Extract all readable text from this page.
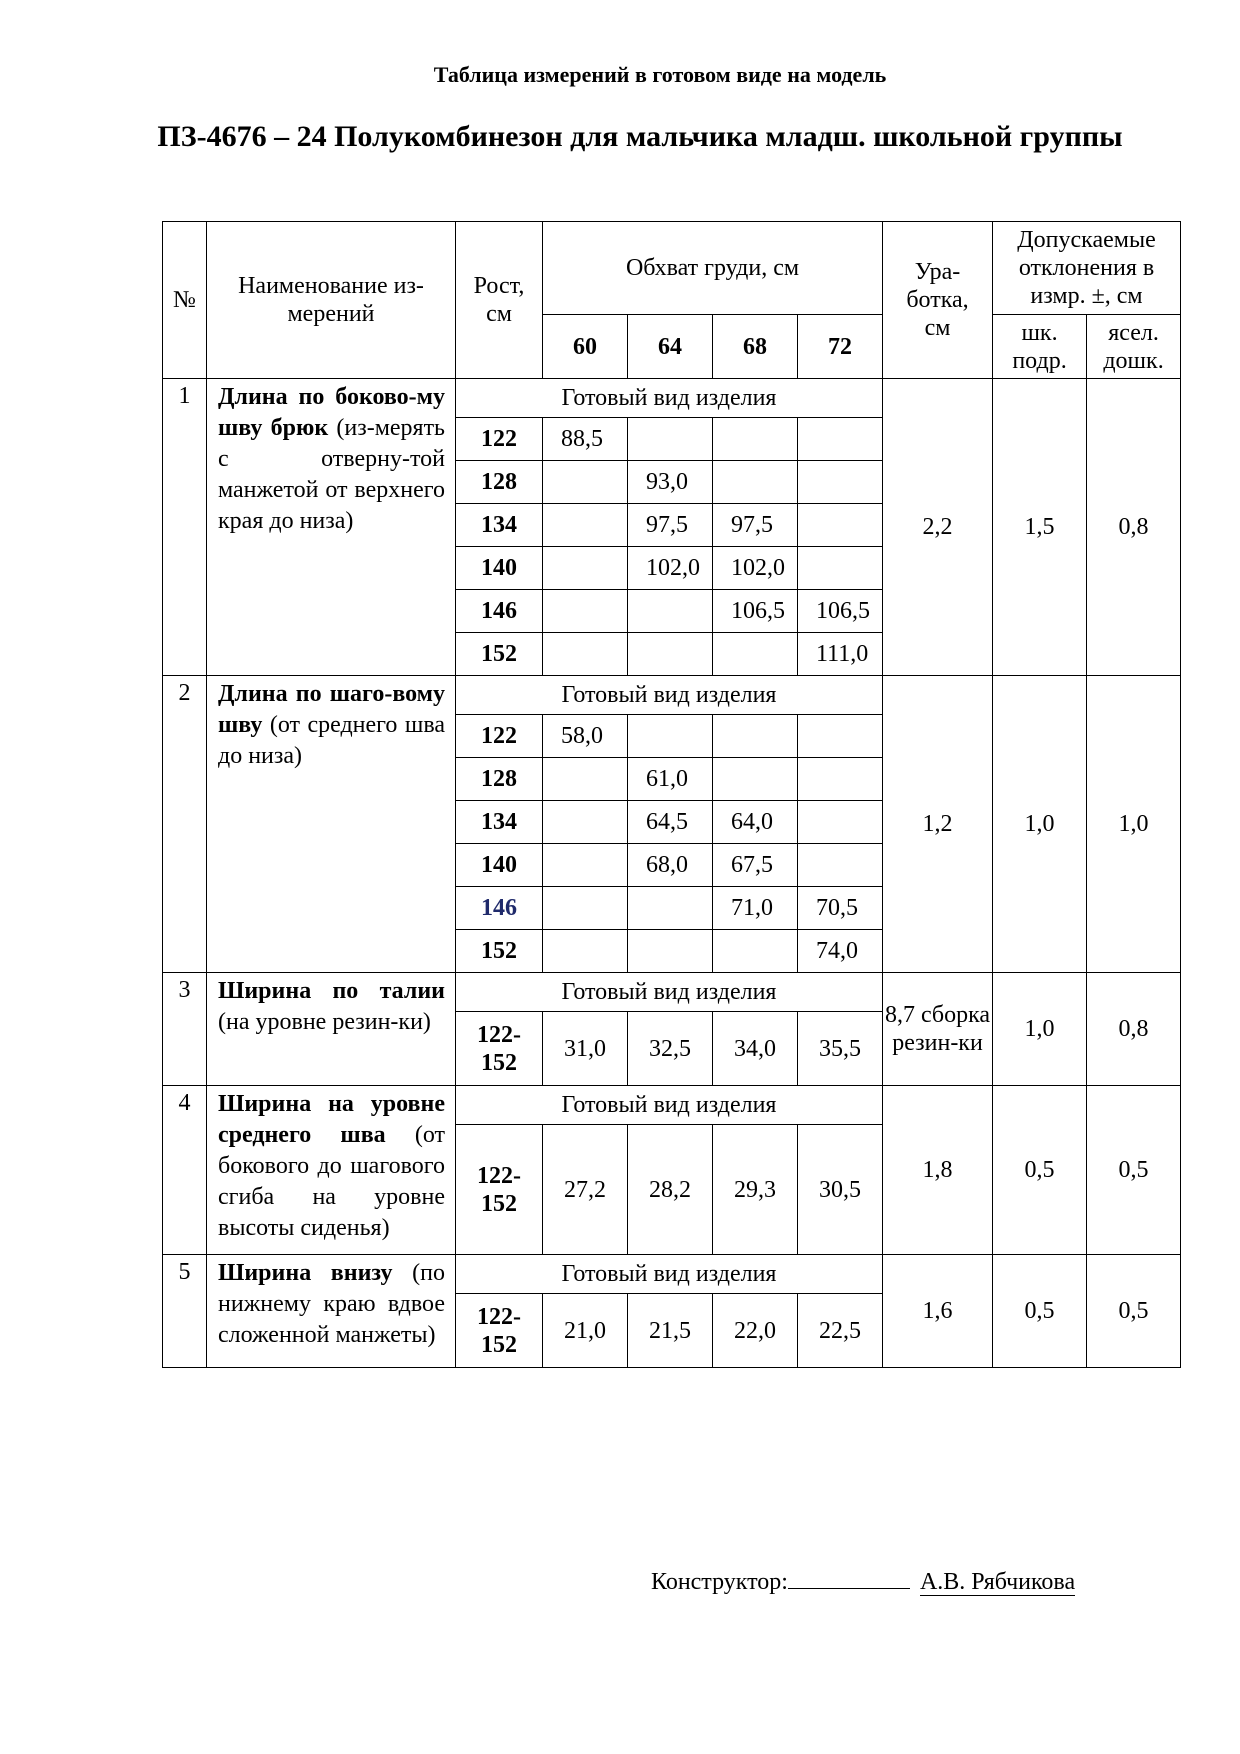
Таблица измерений в готовом виде на модель
ПЗ-4676 – 24 Полукомбинезон для мальчика младш. школьной группы
№	Наименование из-мерений	Рост, см	Обхват груди, см				Ура-ботка, см	Допускаемые отклонения в измр. ±, см	
			60	64	68	72		шк. подр.	ясел. дошк.
1	Длина по боково-му шву брюк (из-мерять с отверну-той манжетой от верхнего края до низа)	Готовый вид изделия					2,2	1,5	0,8
		122	88,5						
		128		93,0					
		134		97,5	97,5				
		140		102,0	102,0				
		146			106,5	106,5			
		152				111,0			
2	Длина по шаго-вому шву (от среднего шва до низа)	Готовый вид изделия					1,2	1,0	1,0
		122	58,0						
		128		61,0					
		134		64,5	64,0				
		140		68,0	67,5				
		146			71,0	70,5			
		152				74,0			
3	Ширина по талии (на уровне резин-ки)	Готовый вид изделия					8,7 сборка резин-ки	1,0	0,8
		122-152	31,0	32,5	34,0	35,5			
4	Ширина на уровне среднего шва (от бокового до шагового сгиба на уровне высоты сиденья)	Готовый вид изделия					1,8	0,5	0,5
		122-152	27,2	28,2	29,3	30,5			
5	Ширина внизу (по нижнему краю вдвое сложенной манжеты)	Готовый вид изделия					1,6	0,5	0,5
		122-152	21,0	21,5	22,0	22,5			
Конструктор:	А.В. Рябчикова
